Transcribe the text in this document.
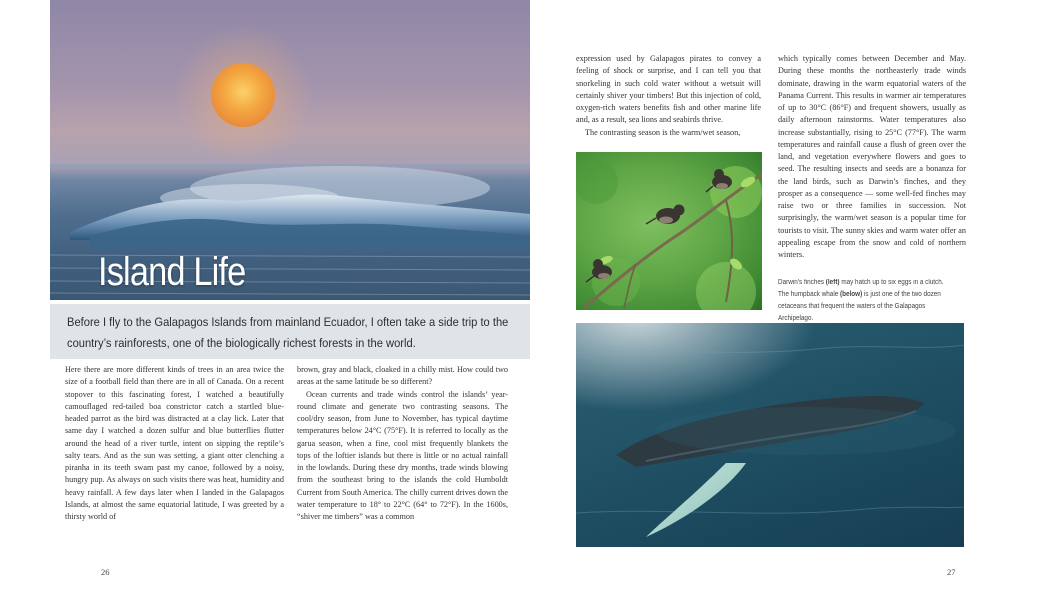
Island Life
Before I fly to the Galapagos Islands from mainland Ecuador, I often take a side trip to the country’s rainforests, one of the biologically richest forests in the world.

Here there are more different kinds of trees in an area twice the size of a football field than there are in all of Canada. On a recent stopover to this fascinating forest, I watched a beautifully camouflaged red-tailed boa constrictor catch a startled blue-headed parrot as the bird was distracted at a clay lick. Later that same day I watched a dozen sulfur and blue butterflies flutter around the head of a river turtle, intent on sipping the reptile’s salty tears. And as the sun was setting, a giant otter clenching a piranha in its teeth swam past my canoe, followed by a noisy, hungry pup. As always on such visits there was heat, humidity and heavy rainfall. A few days later when I landed in the Galapagos Islands, at almost the same equatorial latitude, I was greeted by a thirsty world of

brown, gray and black, cloaked in a chilly mist. How could two areas at the same latitude be so different?

Ocean currents and trade winds control the islands’ year-round climate and generate two contrasting seasons. The cool/dry season, from June to November, has typical daytime temperatures below 24°C (75°F). It is referred to locally as the garua season, when a fine, cool mist frequently blankets the tops of the loftier islands but there is little or no actual rainfall in the lowlands. During these dry months, trade winds blowing from the southeast bring to the islands the cold Humboldt Current from South America. The chilly current drives down the water temperature to 18° to 22°C (64° to 72°F). In the 1600s, “shiver me timbers” was a common

expression used by Galapagos pirates to convey a feeling of shock or surprise, and I can tell you that snorkeling in such cold water without a wetsuit will certainly shiver your timbers! But this injection of cold, oxygen-rich waters benefits fish and other marine life and, as a result, sea lions and seabirds thrive.

The contrasting season is the warm/wet season,

which typically comes between December and May. During these months the northeasterly trade winds dominate, drawing in the warm equatorial waters of the Panama Current. This results in warmer air temperatures of up to 30°C (86°F) and frequent showers, usually as daily afternoon rainstorms. Water temperatures also increase substantially, rising to 25°C (77°F). The warm temperatures and rainfall cause a flush of green over the land, and vegetation everywhere flowers and goes to seed. The resulting insects and seeds are a bonanza for the land birds, such as Darwin’s finches, and they prosper as a consequence — some well-fed finches may raise two or three families in succession. Not surprisingly, the warm/wet season is a popular time for tourists to visit. The sunny skies and warm water offer an appealing escape from the snow and cold of northern winters.

Darwin’s finches (left) may hatch up to six eggs in a clutch. The humpback whale (below) is just one of the two dozen cetaceans that frequent the waters of the Galapagos Archipelago.
26	27
